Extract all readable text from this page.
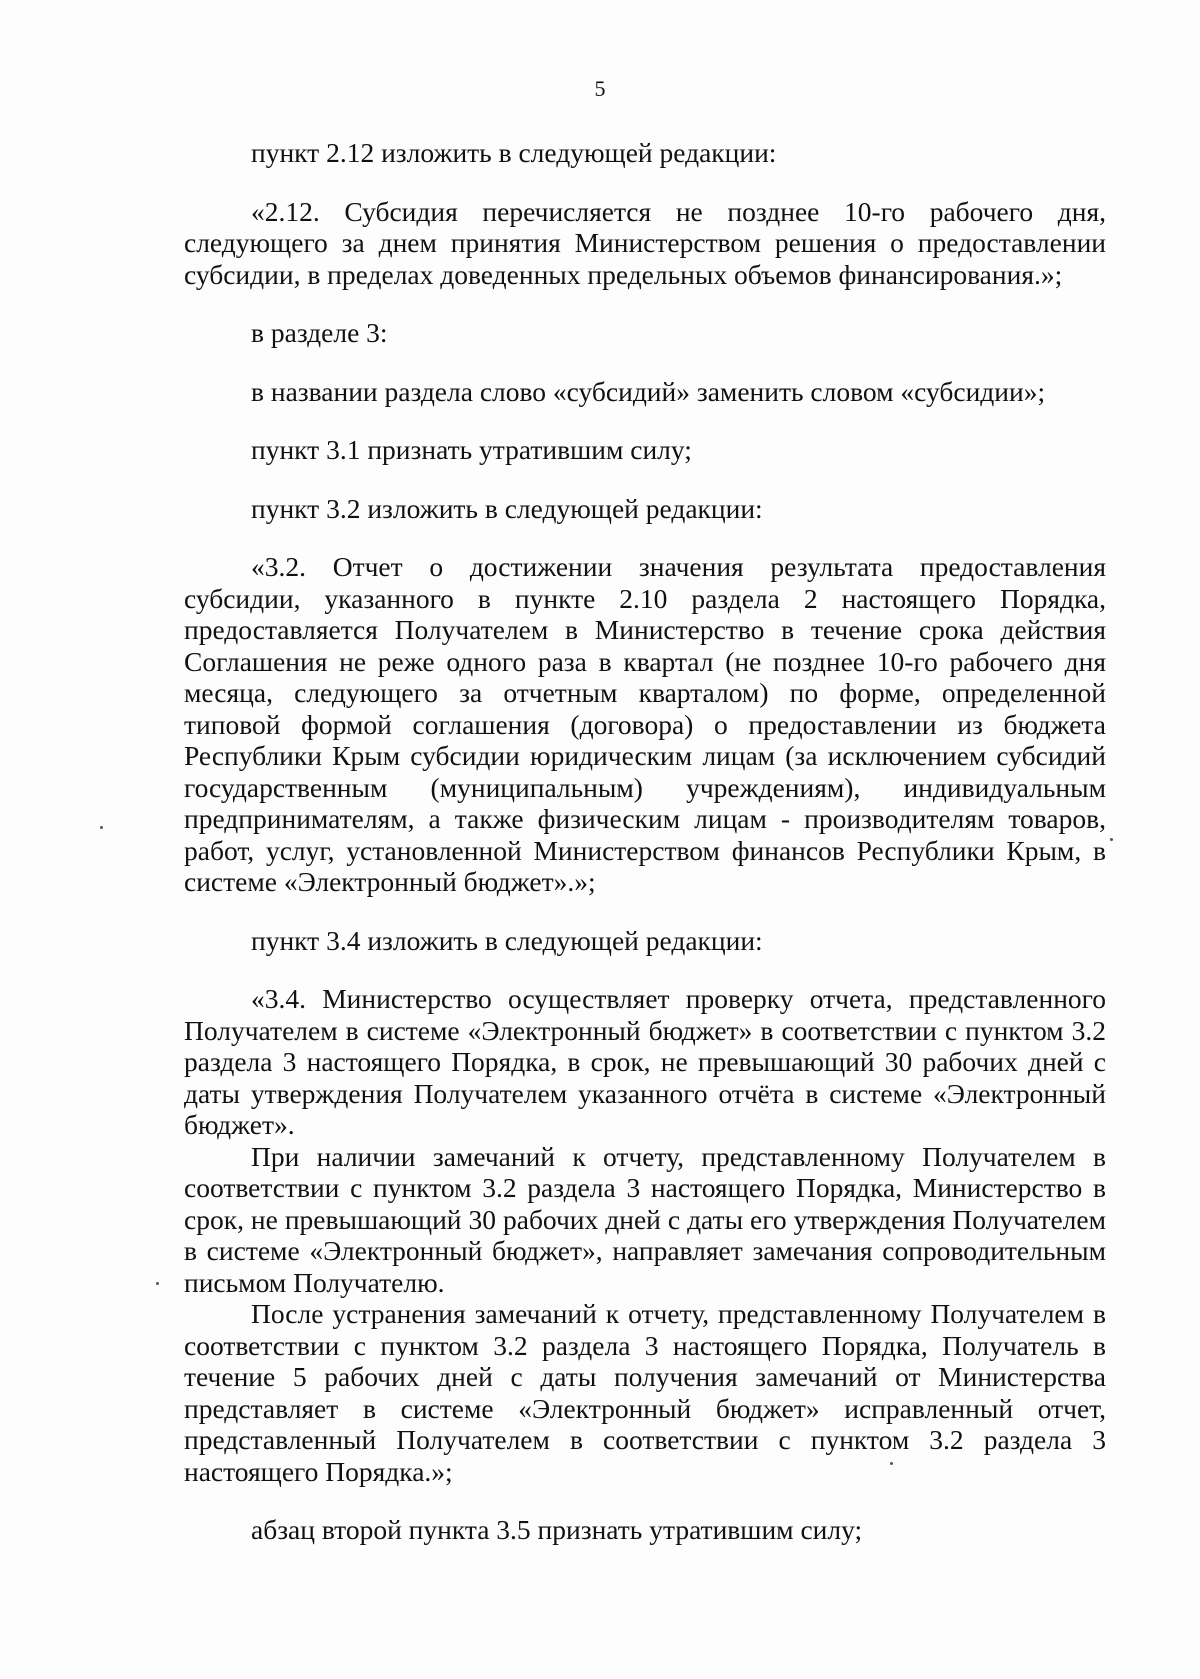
5

пункт 2.12 изложить в следующей редакции:

«2.12. Субсидия перечисляется не позднее 10-го рабочего дня, следующего за днем принятия Министерством решения о предоставлении субсидии, в пределах доведенных предельных объемов финансирования.»;

в разделе 3:

в названии раздела слово «субсидий» заменить словом «субсидии»;

пункт 3.1 признать утратившим силу;

пункт 3.2 изложить в следующей редакции:

«3.2. Отчет о достижении значения результата предоставления субсидии, указанного в пункте 2.10 раздела 2 настоящего Порядка, предоставляется Получателем в Министерство в течение срока действия Соглашения не реже одного раза в квартал (не позднее 10-го рабочего дня месяца, следующего за отчетным кварталом) по форме, определенной типовой формой соглашения (договора) о предоставлении из бюджета Республики Крым субсидии юридическим лицам (за исключением субсидий государственным (муниципальным) учреждениям), индивидуальным предпринимателям, а также физическим лицам - производителям товаров, работ, услуг, установленной Министерством финансов Республики Крым, в системе «Электронный бюджет».»;

пункт 3.4 изложить в следующей редакции:

«3.4. Министерство осуществляет проверку отчета, представленного Получателем в системе «Электронный бюджет» в соответствии с пунктом 3.2 раздела 3 настоящего Порядка, в срок, не превышающий 30 рабочих дней с даты утверждения Получателем указанного отчёта в системе «Электронный бюджет».

При наличии замечаний к отчету, представленному Получателем в соответствии с пунктом 3.2 раздела 3 настоящего Порядка, Министерство в срок, не превышающий 30 рабочих дней с даты его утверждения Получателем в системе «Электронный бюджет», направляет замечания сопроводительным письмом Получателю.

После устранения замечаний к отчету, представленному Получателем в соответствии с пунктом 3.2 раздела 3 настоящего Порядка, Получатель в течение 5 рабочих дней с даты получения замечаний от Министерства представляет в системе «Электронный бюджет» исправленный отчет, представленный Получателем в соответствии с пунктом 3.2 раздела 3 настоящего Порядка.»;

абзац второй пункта 3.5 признать утратившим силу;
